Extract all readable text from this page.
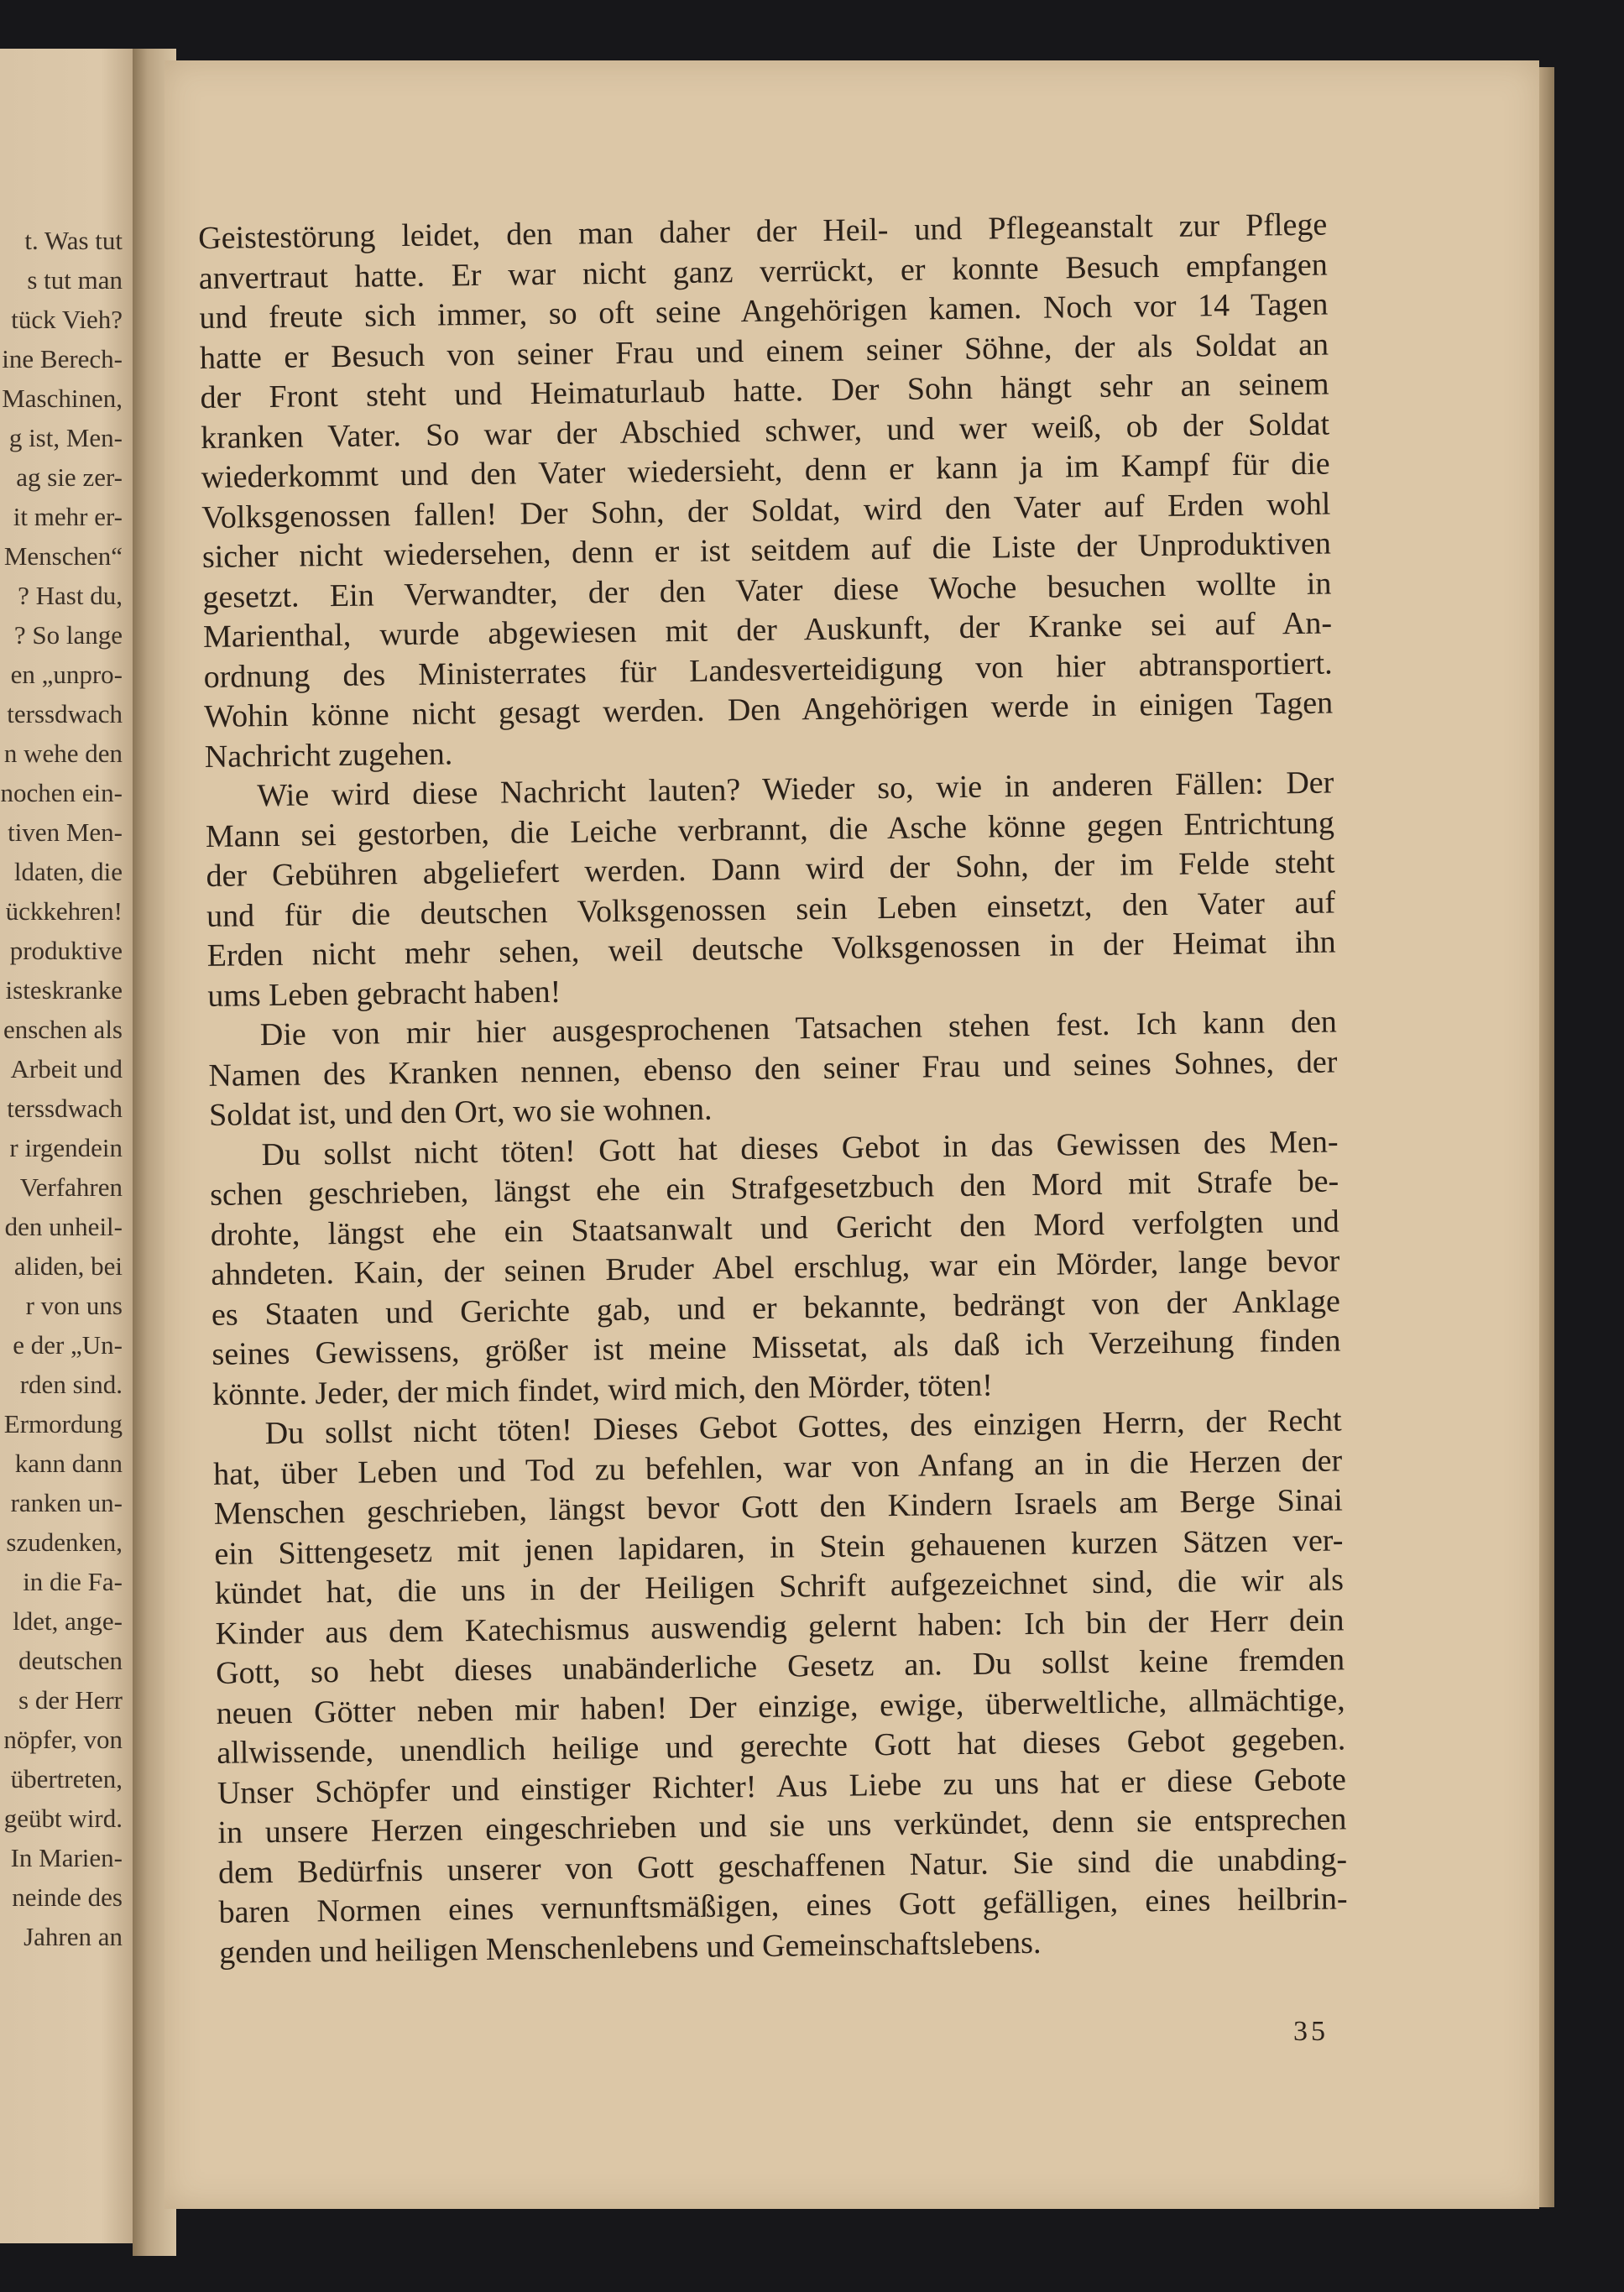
t. Was tut
s tut man
tück Vieh?
ine Berech-
Maschinen,
g ist, Men-
ag sie zer-
it mehr er-
Menschen“
? Hast du,
? So lange
en „unpro-
terssdwach
n wehe den
nochen ein-
tiven Men-
ldaten, die
ückkehren!
produktive
isteskranke
enschen als
Arbeit und
terssdwach
r irgendein
Verfahren
den unheil-
aliden, bei
r von uns
e der „Un-
rden sind.
Ermordung
kann dann
ranken un-
szudenken,
in die Fa-
ldet, ange-
deutschen
s der Herr
nöpfer, von
übertreten,
geübt wird.
In Marien-
neinde des
Jahren an
Geistestörung leidet, den man daher der Heil- und Pflegeanstalt zur Pflege
anvertraut hatte. Er war nicht ganz verrückt, er konnte Besuch empfangen
und freute sich immer, so oft seine Angehörigen kamen. Noch vor 14 Tagen
hatte er Besuch von seiner Frau und einem seiner Söhne, der als Soldat an
der Front steht und Heimaturlaub hatte. Der Sohn hängt sehr an seinem
kranken Vater. So war der Abschied schwer, und wer weiß, ob der Soldat
wiederkommt und den Vater wiedersieht, denn er kann ja im Kampf für die
Volksgenossen fallen! Der Sohn, der Soldat, wird den Vater auf Erden wohl
sicher nicht wiedersehen, denn er ist seitdem auf die Liste der Unproduktiven
gesetzt. Ein Verwandter, der den Vater diese Woche besuchen wollte in
Marienthal, wurde abgewiesen mit der Auskunft, der Kranke sei auf An-
ordnung des Ministerrates für Landesverteidigung von hier abtransportiert.
Wohin könne nicht gesagt werden. Den Angehörigen werde in einigen Tagen
Nachricht zugehen.
Wie wird diese Nachricht lauten? Wieder so, wie in anderen Fällen: Der
Mann sei gestorben, die Leiche verbrannt, die Asche könne gegen Entrichtung
der Gebühren abgeliefert werden. Dann wird der Sohn, der im Felde steht
und für die deutschen Volksgenossen sein Leben einsetzt, den Vater auf
Erden nicht mehr sehen, weil deutsche Volksgenossen in der Heimat ihn
ums Leben gebracht haben!
Die von mir hier ausgesprochenen Tatsachen stehen fest. Ich kann den
Namen des Kranken nennen, ebenso den seiner Frau und seines Sohnes, der
Soldat ist, und den Ort, wo sie wohnen.
Du sollst nicht töten! Gott hat dieses Gebot in das Gewissen des Men-
schen geschrieben, längst ehe ein Strafgesetzbuch den Mord mit Strafe be-
drohte, längst ehe ein Staatsanwalt und Gericht den Mord verfolgten und
ahndeten. Kain, der seinen Bruder Abel erschlug, war ein Mörder, lange bevor
es Staaten und Gerichte gab, und er bekannte, bedrängt von der Anklage
seines Gewissens, größer ist meine Missetat, als daß ich Verzeihung finden
könnte. Jeder, der mich findet, wird mich, den Mörder, töten!
Du sollst nicht töten! Dieses Gebot Gottes, des einzigen Herrn, der Recht
hat, über Leben und Tod zu befehlen, war von Anfang an in die Herzen der
Menschen geschrieben, längst bevor Gott den Kindern Israels am Berge Sinai
ein Sittengesetz mit jenen lapidaren, in Stein gehauenen kurzen Sätzen ver-
kündet hat, die uns in der Heiligen Schrift aufgezeichnet sind, die wir als
Kinder aus dem Katechismus auswendig gelernt haben: Ich bin der Herr dein
Gott, so hebt dieses unabänderliche Gesetz an. Du sollst keine fremden
neuen Götter neben mir haben! Der einzige, ewige, überweltliche, allmächtige,
allwissende, unendlich heilige und gerechte Gott hat dieses Gebot gegeben.
Unser Schöpfer und einstiger Richter! Aus Liebe zu uns hat er diese Gebote
in unsere Herzen eingeschrieben und sie uns verkündet, denn sie entsprechen
dem Bedürfnis unserer von Gott geschaffenen Natur. Sie sind die unabding-
baren Normen eines vernunftsmäßigen, eines Gott gefälligen, eines heilbrin-
genden und heiligen Menschenlebens und Gemeinschaftslebens.
35
